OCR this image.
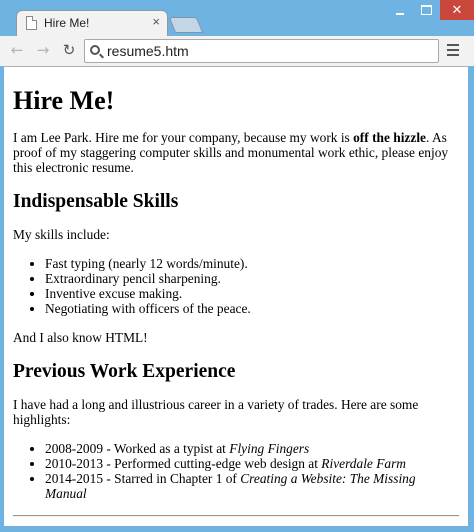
Hire Me!	×
✕
← → ↻ resume5.htm
Hire Me!

I am Lee Park. Hire me for your company, because my work is off the hizzle. As proof of my staggering computer skills and monumental work ethic, please enjoy this electronic resume.

Indispensable Skills

My skills include:

• Fast typing (nearly 12 words/minute).
• Extraordinary pencil sharpening.
• Inventive excuse making.
• Negotiating with officers of the peace.

And I also know HTML!

Previous Work Experience

I have had a long and illustrious career in a variety of trades. Here are some highlights:

• 2008-2009 - Worked as a typist at Flying Fingers
• 2010-2013 - Performed cutting-edge web design at Riverdale Farm
• 2014-2015 - Starred in Chapter 1 of Creating a Website: The Missing Manual
